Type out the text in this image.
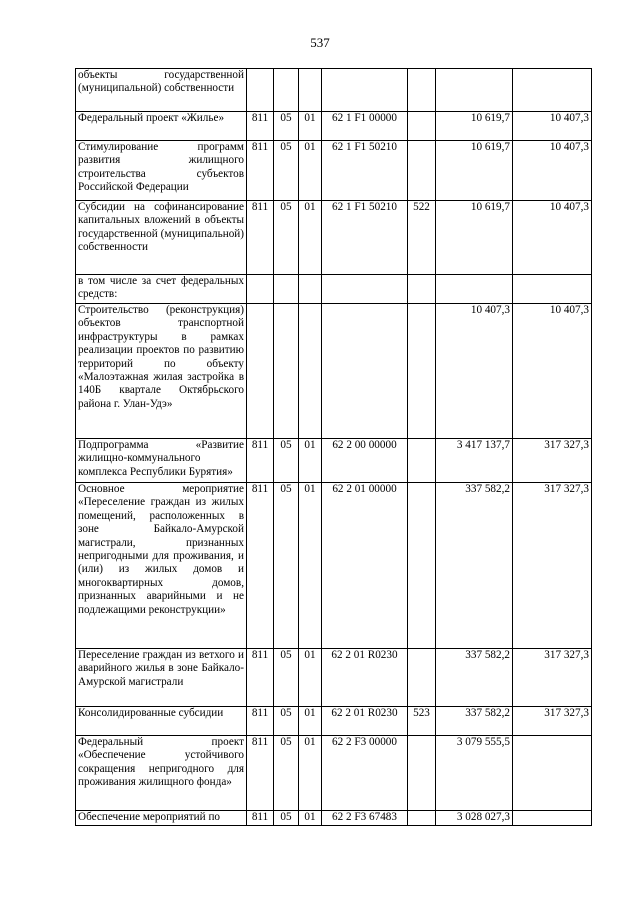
537
объекты государственной (муниципальной) собственности							
Федеральный проект «Жилье»	811	05	01	62 1 F1 00000		10 619,7	10 407,3
Стимулирование программ развития жилищного строительства субъектов Российской Федерации	811	05	01	62 1 F1 50210		10 619,7	10 407,3
Субсидии на софинансирование капитальных вложений в объекты государственной (муниципальной) собственности	811	05	01	62 1 F1 50210	522	10 619,7	10 407,3
в том числе за счет федеральных средств:							
Строительство (реконструкция) объектов транспортной инфраструктуры в рамках реализации проектов по развитию территорий по объекту «Малоэтажная жилая застройка в 140Б квартале Октябрьского района г. Улан-Удэ»						10 407,3	10 407,3
Подпрограмма «Развитие жилищно-коммунального комплекса Республики Бурятия»	811	05	01	62 2 00 00000		3 417 137,7	317 327,3
Основное мероприятие «Переселение граждан из жилых помещений, расположенных в зоне Байкало-Амурской магистрали, признанных непригодными для проживания, и (или) из жилых домов и многоквартирных домов, признанных аварийными и не подлежащими реконструкции»	811	05	01	62 2 01 00000		337 582,2	317 327,3
Переселение граждан из ветхого и аварийного жилья в зоне Байкало-Амурской магистрали	811	05	01	62 2 01 R0230		337 582,2	317 327,3
Консолидированные субсидии	811	05	01	62 2 01 R0230	523	337 582,2	317 327,3
Федеральный проект «Обеспечение устойчивого сокращения непригодного для проживания жилищного фонда»	811	05	01	62 2 F3 00000		3 079 555,5	
Обеспечение мероприятий по	811	05	01	62 2 F3 67483		3 028 027,3	
